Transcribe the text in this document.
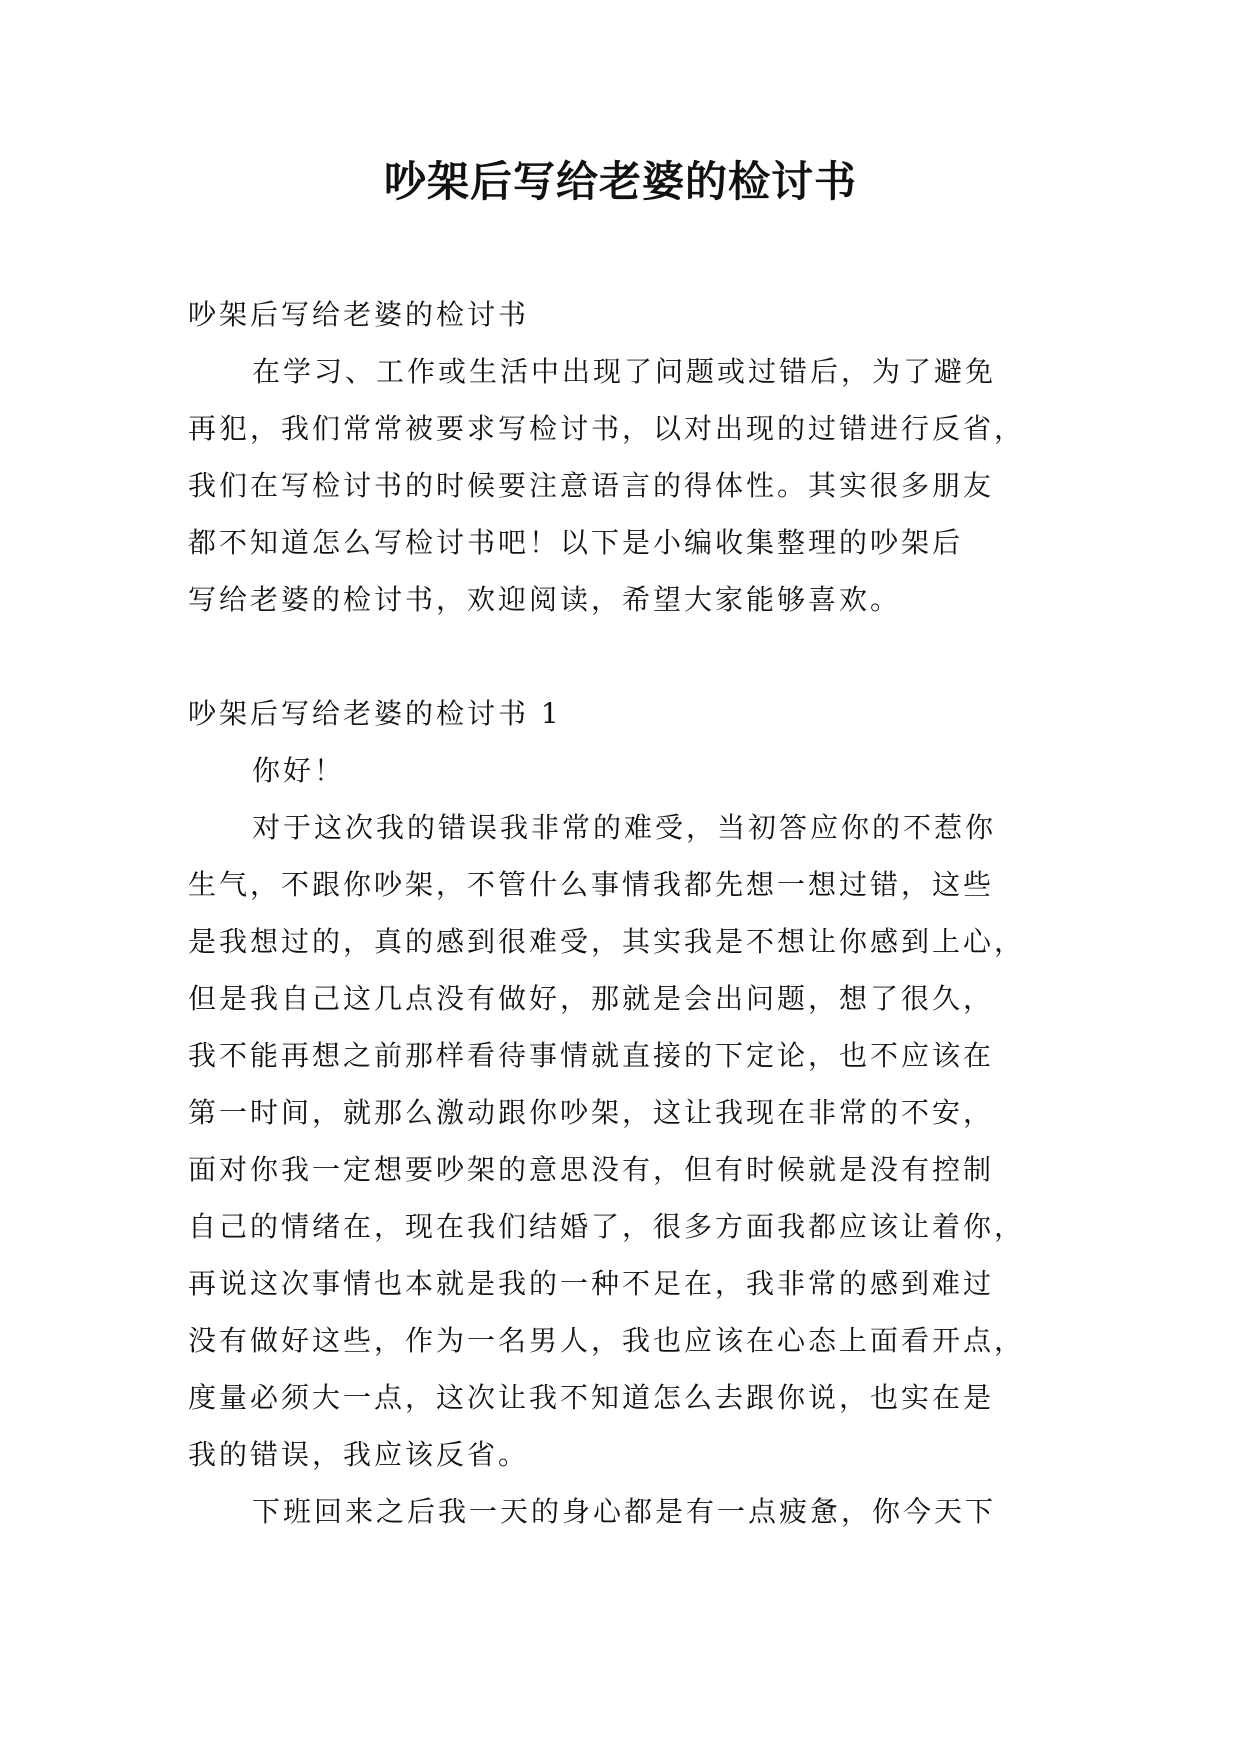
吵架后写给老婆的检讨书

吵架后写给老婆的检讨书

在学习、工作或生活中出现了问题或过错后，为了避免

再犯，我们常常被要求写检讨书，以对出现的过错进行反省，

我们在写检讨书的时候要注意语言的得体性。其实很多朋友

都不知道怎么写检讨书吧！以下是小编收集整理的吵架后

写给老婆的检讨书，欢迎阅读，希望大家能够喜欢。

吵架后写给老婆的检讨书 1

你好！

对于这次我的错误我非常的难受，当初答应你的不惹你

生气，不跟你吵架，不管什么事情我都先想一想过错，这些

是我想过的，真的感到很难受，其实我是不想让你感到上心，

但是我自己这几点没有做好，那就是会出问题，想了很久，

我不能再想之前那样看待事情就直接的下定论，也不应该在

第一时间，就那么激动跟你吵架，这让我现在非常的不安，

面对你我一定想要吵架的意思没有，但有时候就是没有控制

自己的情绪在，现在我们结婚了，很多方面我都应该让着你，

再说这次事情也本就是我的一种不足在，我非常的感到难过

没有做好这些，作为一名男人，我也应该在心态上面看开点，

度量必须大一点，这次让我不知道怎么去跟你说，也实在是

我的错误，我应该反省。

下班回来之后我一天的身心都是有一点疲惫，你今天下
